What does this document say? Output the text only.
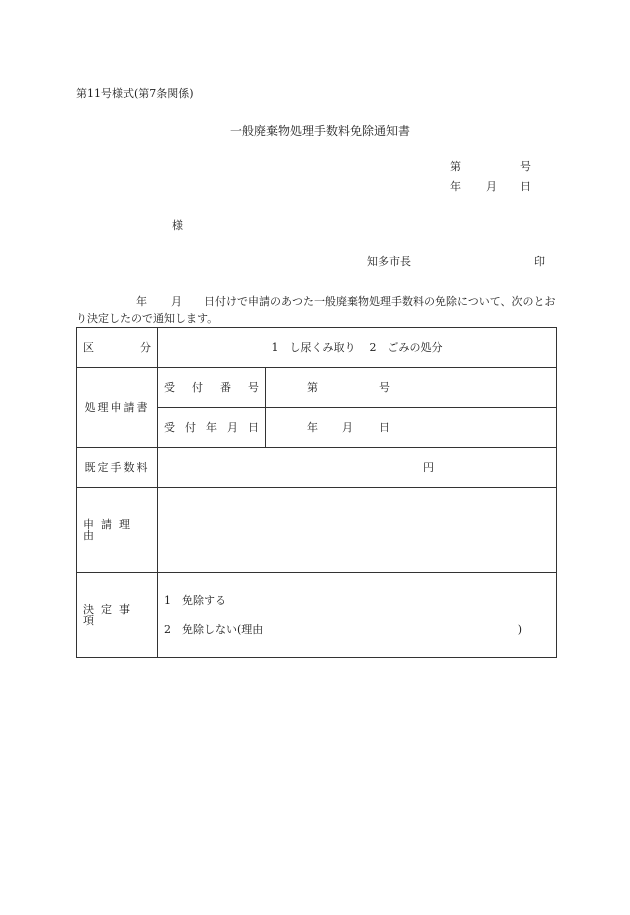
第11号様式(第7条関係)
一般廃棄物処理手数料免除通知書
第	号
年 月 日
様
知多市長	印
年 月 日付けで申請のあつた一般廃棄物処理手数料の免除について、次のとおり決定したので通知します。
区 分	1　し尿くみ取り 2　ごみの処分	
処理申請書	受 付 番 号	第 号

	受 付 年 月 日	年 月 日
既定手数料	円	

申請理由		

決定事項	1　免除する
2　免除しない(理由 )	
